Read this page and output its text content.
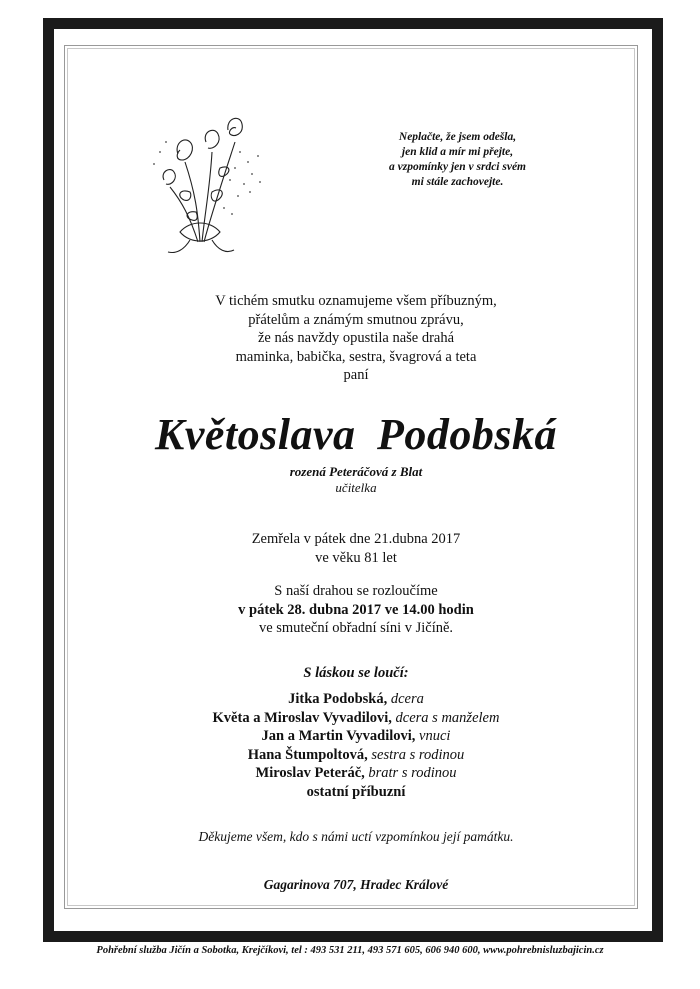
Neplačte, že jsem odešla,
jen klid a mír mi přejte,
a vzpomínky jen v srdci svém
mi stále zachovejte.
V tichém smutku oznamujeme všem příbuzným,
přátelům a známým smutnou zprávu,
že nás navždy opustila naše drahá
maminka, babička, sestra, švagrová a teta
paní
Květoslava Podobská
rozená Peteráčová z Blat
učitelka
Zemřela v pátek dne 21.dubna 2017
ve věku 81 let
S naší drahou se rozloučíme
v pátek 28. dubna 2017 ve 14.00 hodin
ve smuteční obřadní síni v Jičíně.
S láskou se loučí:
Jitka Podobská, dcera
Květa a Miroslav Vyvadilovi, dcera s manželem
Jan a Martin Vyvadilovi, vnuci
Hana Štumpoltová, sestra s rodinou
Miroslav Peteráč, bratr s rodinou
ostatní příbuzní
Děkujeme všem, kdo s námi uctí vzpomínkou její památku.
Gagarinova 707, Hradec Králové
Pohřební služba Jičín a Sobotka, Krejčíkovi, tel : 493 531 211, 493 571 605, 606 940 600, www.pohrebnisluzbajicin.cz
